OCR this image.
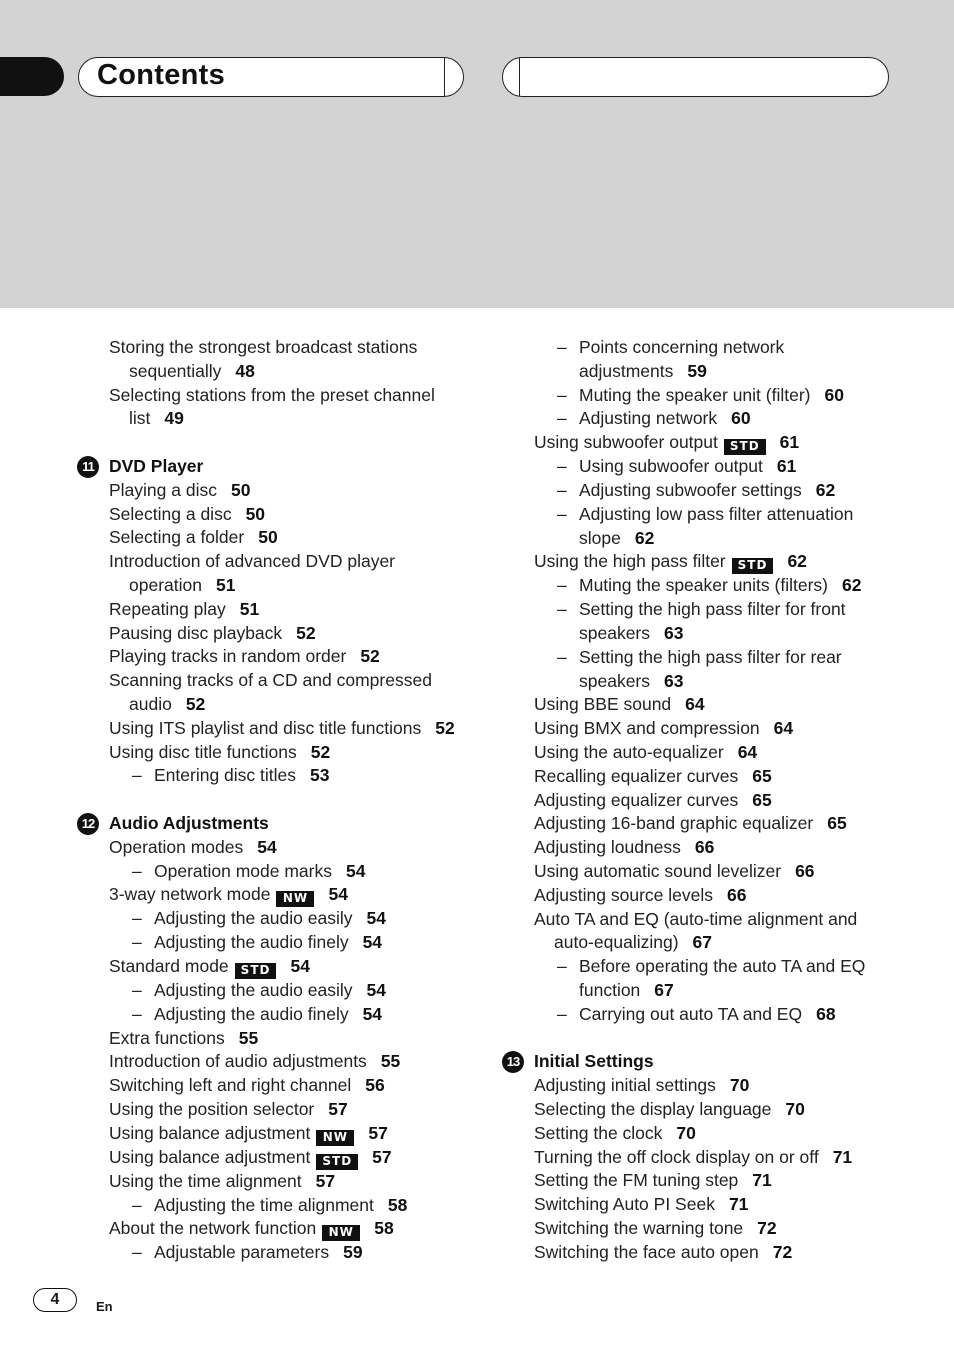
Contents
Storing the strongest broadcast stations
sequentially 48
Selecting stations from the preset channel
list 49
11 DVD Player
Playing a disc 50
Selecting a disc 50
Selecting a folder 50
Introduction of advanced DVD player
operation 51
Repeating play 51
Pausing disc playback 52
Playing tracks in random order 52
Scanning tracks of a CD and compressed
audio 52
Using ITS playlist and disc title functions 52
Using disc title functions 52
– Entering disc titles 53
12 Audio Adjustments
Operation modes 54
– Operation mode marks 54
3-way network mode NW 54
– Adjusting the audio easily 54
– Adjusting the audio finely 54
Standard mode STD 54
– Adjusting the audio easily 54
– Adjusting the audio finely 54
Extra functions 55
Introduction of audio adjustments 55
Switching left and right channel 56
Using the position selector 57
Using balance adjustment NW 57
Using balance adjustment STD 57
Using the time alignment 57
– Adjusting the time alignment 58
About the network function NW 58
– Adjustable parameters 59
– Points concerning network
adjustments 59
– Muting the speaker unit (filter) 60
– Adjusting network 60
Using subwoofer output STD 61
– Using subwoofer output 61
– Adjusting subwoofer settings 62
– Adjusting low pass filter attenuation
slope 62
Using the high pass filter STD 62
– Muting the speaker units (filters) 62
– Setting the high pass filter for front
speakers 63
– Setting the high pass filter for rear
speakers 63
Using BBE sound 64
Using BMX and compression 64
Using the auto-equalizer 64
Recalling equalizer curves 65
Adjusting equalizer curves 65
Adjusting 16-band graphic equalizer 65
Adjusting loudness 66
Using automatic sound levelizer 66
Adjusting source levels 66
Auto TA and EQ (auto-time alignment and
auto-equalizing) 67
– Before operating the auto TA and EQ
function 67
– Carrying out auto TA and EQ 68
13 Initial Settings
Adjusting initial settings 70
Selecting the display language 70
Setting the clock 70
Turning the off clock display on or off 71
Setting the FM tuning step 71
Switching Auto PI Seek 71
Switching the warning tone 72
Switching the face auto open 72
4	En
